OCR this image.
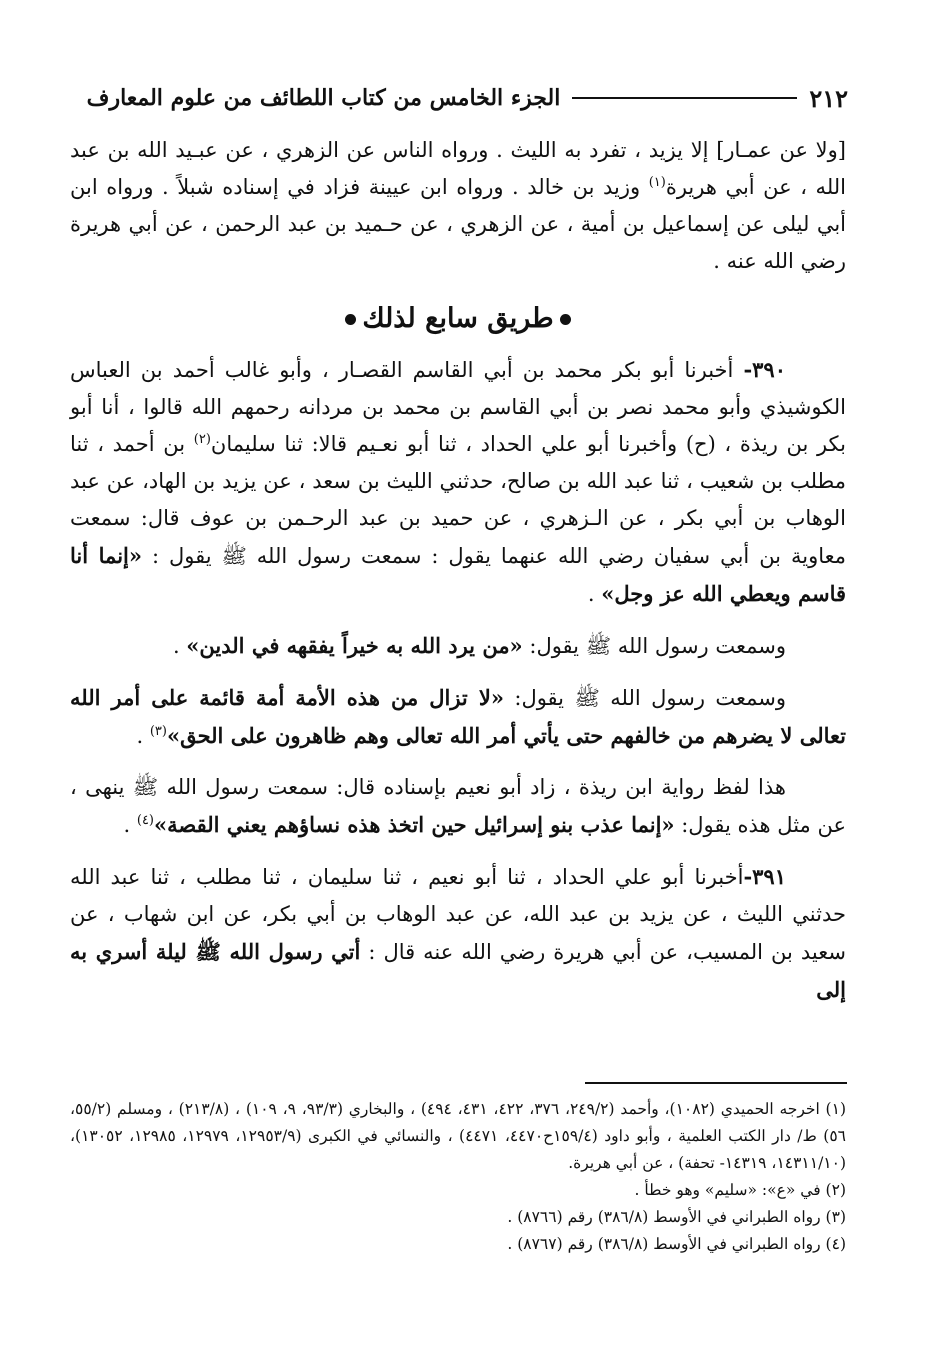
٢١٢
الجزء الخامس من كتاب اللطائف من علوم المعارف

[ولا عن عمـار] إلا يزيد ، تفرد به الليث . ورواه الناس عن الزهري ، عن عبـيد الله بن عبد الله ، عن أبي هريرة$^{(١)}$ وزيد بن خالد . ورواه ابن عيينة فزاد في إسناده شبلاً . ورواه ابن أبي ليلى عن إسماعيل بن أمية ، عن الزهري ، عن حـميد بن عبد الرحمن ، عن أبي هريرة رضي الله عنه .

طريق سابع لذلك

٣٩٠- أخبرنا أبو بكر محمد بن أبي القاسم القصـار ، وأبو غالب أحمد بن العباس الكوشيذي وأبو محمد نصر بن أبي القاسم بن محمد بن مردانه رحمهم الله قالوا ، أنا أبو بكر بن ريذة ، (ح) وأخبرنا أبو علي الحداد ، ثنا أبو نعـيم قالا: ثنا سليمان$^{(٢)}$ بن أحمد ، ثنا مطلب بن شعيب ، ثنا عبد الله بن صالح، حدثني الليث بن سعد ، عن يزيد بن الهاد، عن عبد الوهاب بن أبي بكر ، عن الـزهري ، عن حميد بن عبد الرحـمن بن عوف قال: سمعت معاوية بن أبي سفيان رضي الله عنهما يقول : سمعت رسول الله ﷺ يقول : «إنما أنا قاسم ويعطي الله عز وجل» .

وسمعت رسول الله ﷺ يقول: «من يرد الله به خيراً يفقهه في الدين» .

وسمعت رسول الله ﷺ يقول: «لا تزال من هذه الأمة أمة قائمة على أمر الله تعالى لا يضرهم من خالفهم حتى يأتي أمر الله تعالى وهم ظاهرون على الحق»$^{(٣)}$ .

هذا لفظ رواية ابن ريذة ، زاد أبو نعيم بإسناده قال: سمعت رسول الله ﷺ ينهى ، عن مثل هذه يقول: «إنما عذب بنو إسرائيل حين اتخذ هذه نساؤهم يعني القصة»$^{(٤)}$ .

٣٩١-أخبرنا أبو علي الحداد ، ثنا أبو نعيم ، ثنا سليمان ، ثنا مطلب ، ثنا عبد الله حدثني الليث ، عن يزيد بن عبد الله، عن عبد الوهاب بن أبي بكر، عن ابن شهاب ، عن سعيد بن المسيب، عن أبي هريرة رضي الله عنه قال : أتي رسول الله ﷺ ليلة أسري به إلى

(١) اخرجه الحميدي (١٠٨٢)، وأحمد (٢٤٩/٢، ٣٧٦، ٤٢٢، ٤٣١، ٤٩٤) ، والبخاري (٩٣/٣، ٩، ١٠٩) ، (٢١٣/٨) ، ومسلم (٥٥/٢، ٥٦) ط/ دار الكتب العلمية ، وأبو داود (١٥٩/٤ح٤٤٧٠، ٤٤٧١) ، والنسائي في الكبرى (١٢٩٥٣/٩، ١٢٩٧٩، ١٢٩٨٥، ١٣٠٥٢)، (١٤٣١١/١٠، ١٤٣١٩- تحفة) ، عن أبي هريرة.

(٢) في «ع»: «سليم» وهو خطأ .

(٣) رواه الطبراني في الأوسط (٣٨٦/٨) رقم (٨٧٦٦) .

(٤) رواه الطبراني في الأوسط (٣٨٦/٨) رقم (٨٧٦٧) .
